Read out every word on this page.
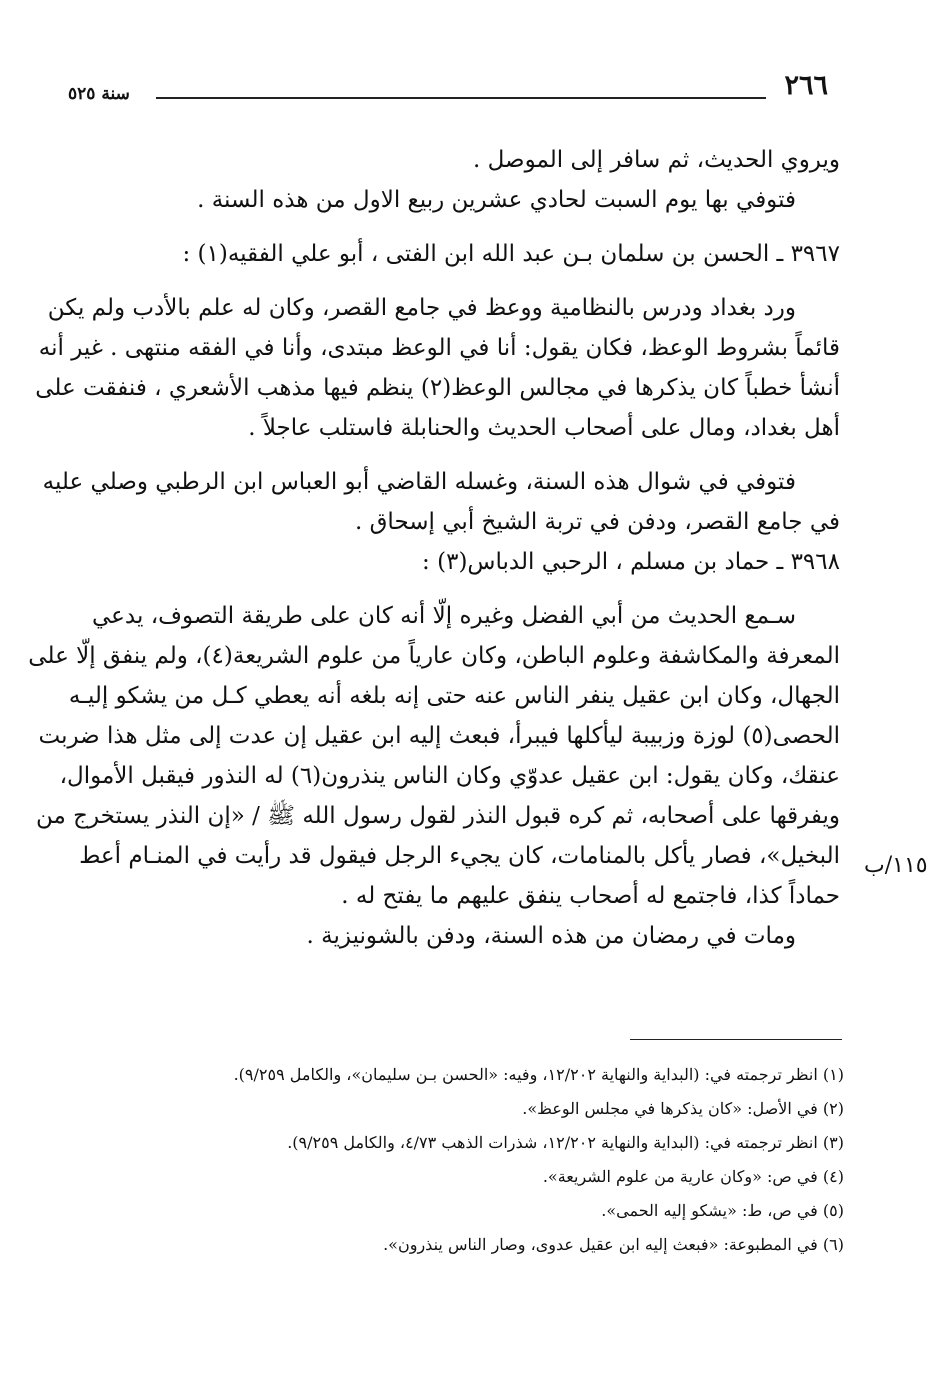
٢٦٦
سنة ٥٢٥
ويروي الحديث، ثم سافر إلى الموصل .
فتوفي بها يوم السبت لحادي عشرين ربيع الاول من هذه السنة .
٣٩٦٧ ـ الحسن بن سلمان بـن عبد الله ابن الفتى ، أبو علي الفقيه(١) :
ورد بغداد ودرس بالنظامية ووعظ في جامع القصر، وكان له علم بالأدب ولم يكن
قائماً بشروط الوعظ، فكان يقول: أنا في الوعظ مبتدى، وأنا في الفقه منتهى . غير أنه
أنشأ خطباً كان يذكرها في مجالس الوعظ(٢) ينظم فيها مذهب الأشعري ، فنفقت على
أهل بغداد، ومال على أصحاب الحديث والحنابلة فاستلب عاجلاً .
فتوفي في شوال هذه السنة، وغسله القاضي أبو العباس ابن الرطبي وصلي عليه
في جامع القصر، ودفن في تربة الشيخ أبي إسحاق .
٣٩٦٨ ـ حماد بن مسلم ، الرحبي الدباس(٣) :
سـمع الحديث من أبي الفضل وغيره إلّا أنه كان على طريقة التصوف، يدعي
المعرفة والمكاشفة وعلوم الباطن، وكان عارياً من علوم الشريعة(٤)، ولم ينفق إلّا على
الجهال، وكان ابن عقيل ينفر الناس عنه حتى إنه بلغه أنه يعطي كـل من يشكو إليـه
الحصى(٥) لوزة وزبيبة ليأكلها فيبرأ، فبعث إليه ابن عقيل إن عدت إلى مثل هذا ضربت
عنقك، وكان يقول: ابن عقيل عدوّي وكان الناس ينذرون(٦) له النذور فيقبل الأموال،
ويفرقها على أصحابه، ثم كره قبول النذر لقول رسول الله ﷺ / «إن النذر يستخرج من
البخيل»، فصار يأكل بالمنامات، كان يجيء الرجل فيقول قد رأيت في المنـام أعط
حماداً كذا، فاجتمع له أصحاب ينفق عليهم ما يفتح له .
ومات في رمضان من هذه السنة، ودفن بالشونيزية .
١١٥/ب
(١) انظر ترجمته في: (البداية والنهاية ١٢/٢٠٢، وفيه: «الحسن بـن سليمان»، والكامل ٩/٢٥٩).
(٢) في الأصل: «كان يذكرها في مجلس الوعظ».
(٣) انظر ترجمته في: (البداية والنهاية ١٢/٢٠٢، شذرات الذهب ٤/٧٣، والكامل ٩/٢٥٩).
(٤) في ص: «وكان عارية من علوم الشريعة».
(٥) في ص، ط: «يشكو إليه الحمى».
(٦) في المطبوعة: «فبعث إليه ابن عقيل عدوى، وصار الناس ينذرون».
